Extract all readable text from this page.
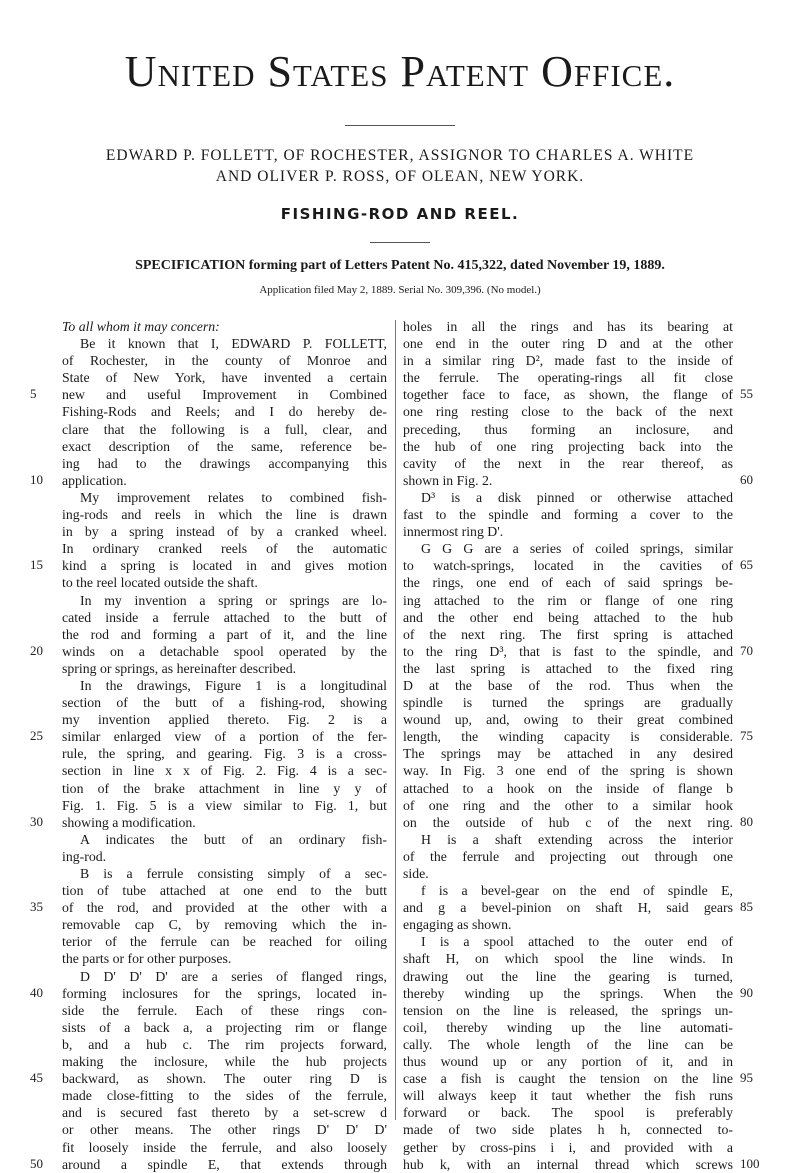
United States Patent Office.

EDWARD P. FOLLETT, OF ROCHESTER, ASSIGNOR TO CHARLES A. WHITE
AND OLIVER P. ROSS, OF OLEAN, NEW YORK.

FISHING-ROD AND REEL.

SPECIFICATION forming part of Letters Patent No. 415,322, dated November 19, 1889.

Application filed May 2, 1889. Serial No. 309,396. (No model.)

To all whom it may concern:
Be it known that I, EDWARD P. FOLLETT,
of Rochester, in the county of Monroe and
State of New York, have invented a certain
new and useful Improvement in Combined
Fishing-Rods and Reels; and I do hereby de-
clare that the following is a full, clear, and
exact description of the same, reference be-
ing had to the drawings accompanying this
application.
My improvement relates to combined fish-
ing-rods and reels in which the line is drawn
in by a spring instead of by a cranked wheel.
In ordinary cranked reels of the automatic
kind a spring is located in and gives motion
to the reel located outside the shaft.
In my invention a spring or springs are lo-
cated inside a ferrule attached to the butt of
the rod and forming a part of it, and the line
winds on a detachable spool operated by the
spring or springs, as hereinafter described.
In the drawings, Figure 1 is a longitudinal
section of the butt of a fishing-rod, showing
my invention applied thereto. Fig. 2 is a
similar enlarged view of a portion of the fer-
rule, the spring, and gearing. Fig. 3 is a cross-
section in line x x of Fig. 2. Fig. 4 is a sec-
tion of the brake attachment in line y y of
Fig. 1. Fig. 5 is a view similar to Fig. 1, but
showing a modification.
A indicates the butt of an ordinary fish-
ing-rod.
B is a ferrule consisting simply of a sec-
tion of tube attached at one end to the butt
of the rod, and provided at the other with a
removable cap C, by removing which the in-
terior of the ferrule can be reached for oiling
the parts or for other purposes.
D D' D' D' are a series of flanged rings,
forming inclosures for the springs, located in-
side the ferrule. Each of these rings con-
sists of a back a, a projecting rim or flange
b, and a hub c. The rim projects forward,
making the inclosure, while the hub projects
backward, as shown. The outer ring D is
made close-fitting to the sides of the ferrule,
and is secured fast thereto by a set-screw d
or other means. The other rings D' D' D'
fit loosely inside the ferrule, and also loosely
around a spindle E, that extends through
holes in all the rings and has its bearing at
one end in the outer ring D and at the other
in a similar ring D², made fast to the inside of
the ferrule. The operating-rings all fit close
together face to face, as shown, the flange of
one ring resting close to the back of the next
preceding, thus forming an inclosure, and
the hub of one ring projecting back into the
cavity of the next in the rear thereof, as
shown in Fig. 2.
D³ is a disk pinned or otherwise attached
fast to the spindle and forming a cover to the
innermost ring D'.
G G G are a series of coiled springs, similar
to watch-springs, located in the cavities of
the rings, one end of each of said springs be-
ing attached to the rim or flange of one ring
and the other end being attached to the hub
of the next ring. The first spring is attached
to the ring D³, that is fast to the spindle, and
the last spring is attached to the fixed ring
D at the base of the rod. Thus when the
spindle is turned the springs are gradually
wound up, and, owing to their great combined
length, the winding capacity is considerable.
The springs may be attached in any desired
way. In Fig. 3 one end of the spring is shown
attached to a hook on the inside of flange b
of one ring and the other to a similar hook
on the outside of hub c of the next ring.
H is a shaft extending across the interior
of the ferrule and projecting out through one
side.
f is a bevel-gear on the end of spindle E,
and g a bevel-pinion on shaft H, said gears
engaging as shown.
I is a spool attached to the outer end of
shaft H, on which spool the line winds. In
drawing out the line the gearing is turned,
thereby winding up the springs. When the
tension on the line is released, the springs un-
coil, thereby winding up the line automati-
cally. The whole length of the line can be
thus wound up or any portion of it, and in
case a fish is caught the tension on the line
will always keep it taut whether the fish runs
forward or back. The spool is preferably
made of two side plates h h, connected to-
gether by cross-pins i i, and provided with a
hub k, with an internal thread which screws
5
10
15
20
25
30
35
40
45
50
55
60
65
70
75
80
85
90
95
100
